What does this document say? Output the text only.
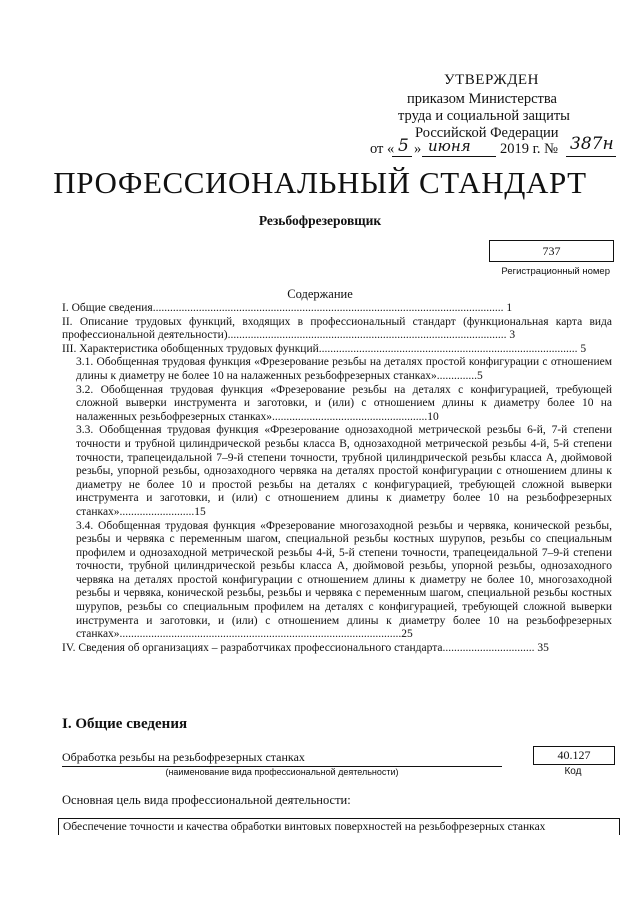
УТВЕРЖДЕН
приказом Министерства
труда и социальной защиты
Российской Федерации
от « 5 » июня 2019 г. № 387н
ПРОФЕССИОНАЛЬНЫЙ СТАНДАРТ
Резьбофрезеровщик
737
Регистрационный номер
Содержание
I. Общие сведения.......................................................................................................................... 1
II. Описание трудовых функций, входящих в профессиональный стандарт (функциональная карта вида профессиональной деятельности)................................................................................................. 3
III. Характеристика обобщенных трудовых функций.......................................................................................... 5
3.1. Обобщенная трудовая функция «Фрезерование резьбы на деталях простой конфигурации с отношением длины к диаметру не более 10 на налаженных резьбофрезерных станках»..............5
3.2. Обобщенная трудовая функция «Фрезерование резьбы на деталях с конфигурацией, требующей сложной выверки инструмента и заготовки, и (или) с отношением длины к диаметру более 10 на налаженных резьбофрезерных станках»......................................................10
3.3. Обобщенная трудовая функция «Фрезерование однозаходной метрической резьбы 6-й, 7-й степени точности и трубной цилиндрической резьбы класса B, однозаходной метрической резьбы 4-й, 5-й степени точности, трапецеидальной 7–9-й степени точности, трубной цилиндрической резьбы класса A, дюймовой резьбы, упорной резьбы, однозаходного червяка на деталях простой конфигурации с отношением длины к диаметру не более 10 и простой резьбы на деталях с конфигурацией, требующей сложной выверки инструмента и заготовки, и (или) с отношением длины к диаметру более 10 на резьбофрезерных станках»..........................15
3.4. Обобщенная трудовая функция «Фрезерование многозаходной резьбы и червяка, конической резьбы, резьбы и червяка с переменным шагом, специальной резьбы костных шурупов, резьбы со специальным профилем и однозаходной метрической резьбы 4-й, 5-й степени точности, трапецеидальной 7–9-й степени точности, трубной цилиндрической резьбы класса A, дюймовой резьбы, упорной резьбы, однозаходного червяка на деталях простой конфигурации с отношением длины к диаметру не более 10, многозаходной резьбы и червяка, конической резьбы, резьбы и червяка с переменным шагом, специальной резьбы костных шурупов, резьбы со специальным профилем на деталях с конфигурацией, требующей сложной выверки инструмента и заготовки, и (или) с отношением длины к диаметру более 10 на резьбофрезерных станках»..................................................................................................25
IV. Сведения об организациях – разработчиках профессионального стандарта................................ 35
I. Общие сведения
Обработка резьбы на резьбофрезерных станках
(наименование вида профессиональной деятельности)
40.127
Код
Основная цель вида профессиональной деятельности:
Обеспечение точности и качества обработки винтовых поверхностей на резьбофрезерных станках
